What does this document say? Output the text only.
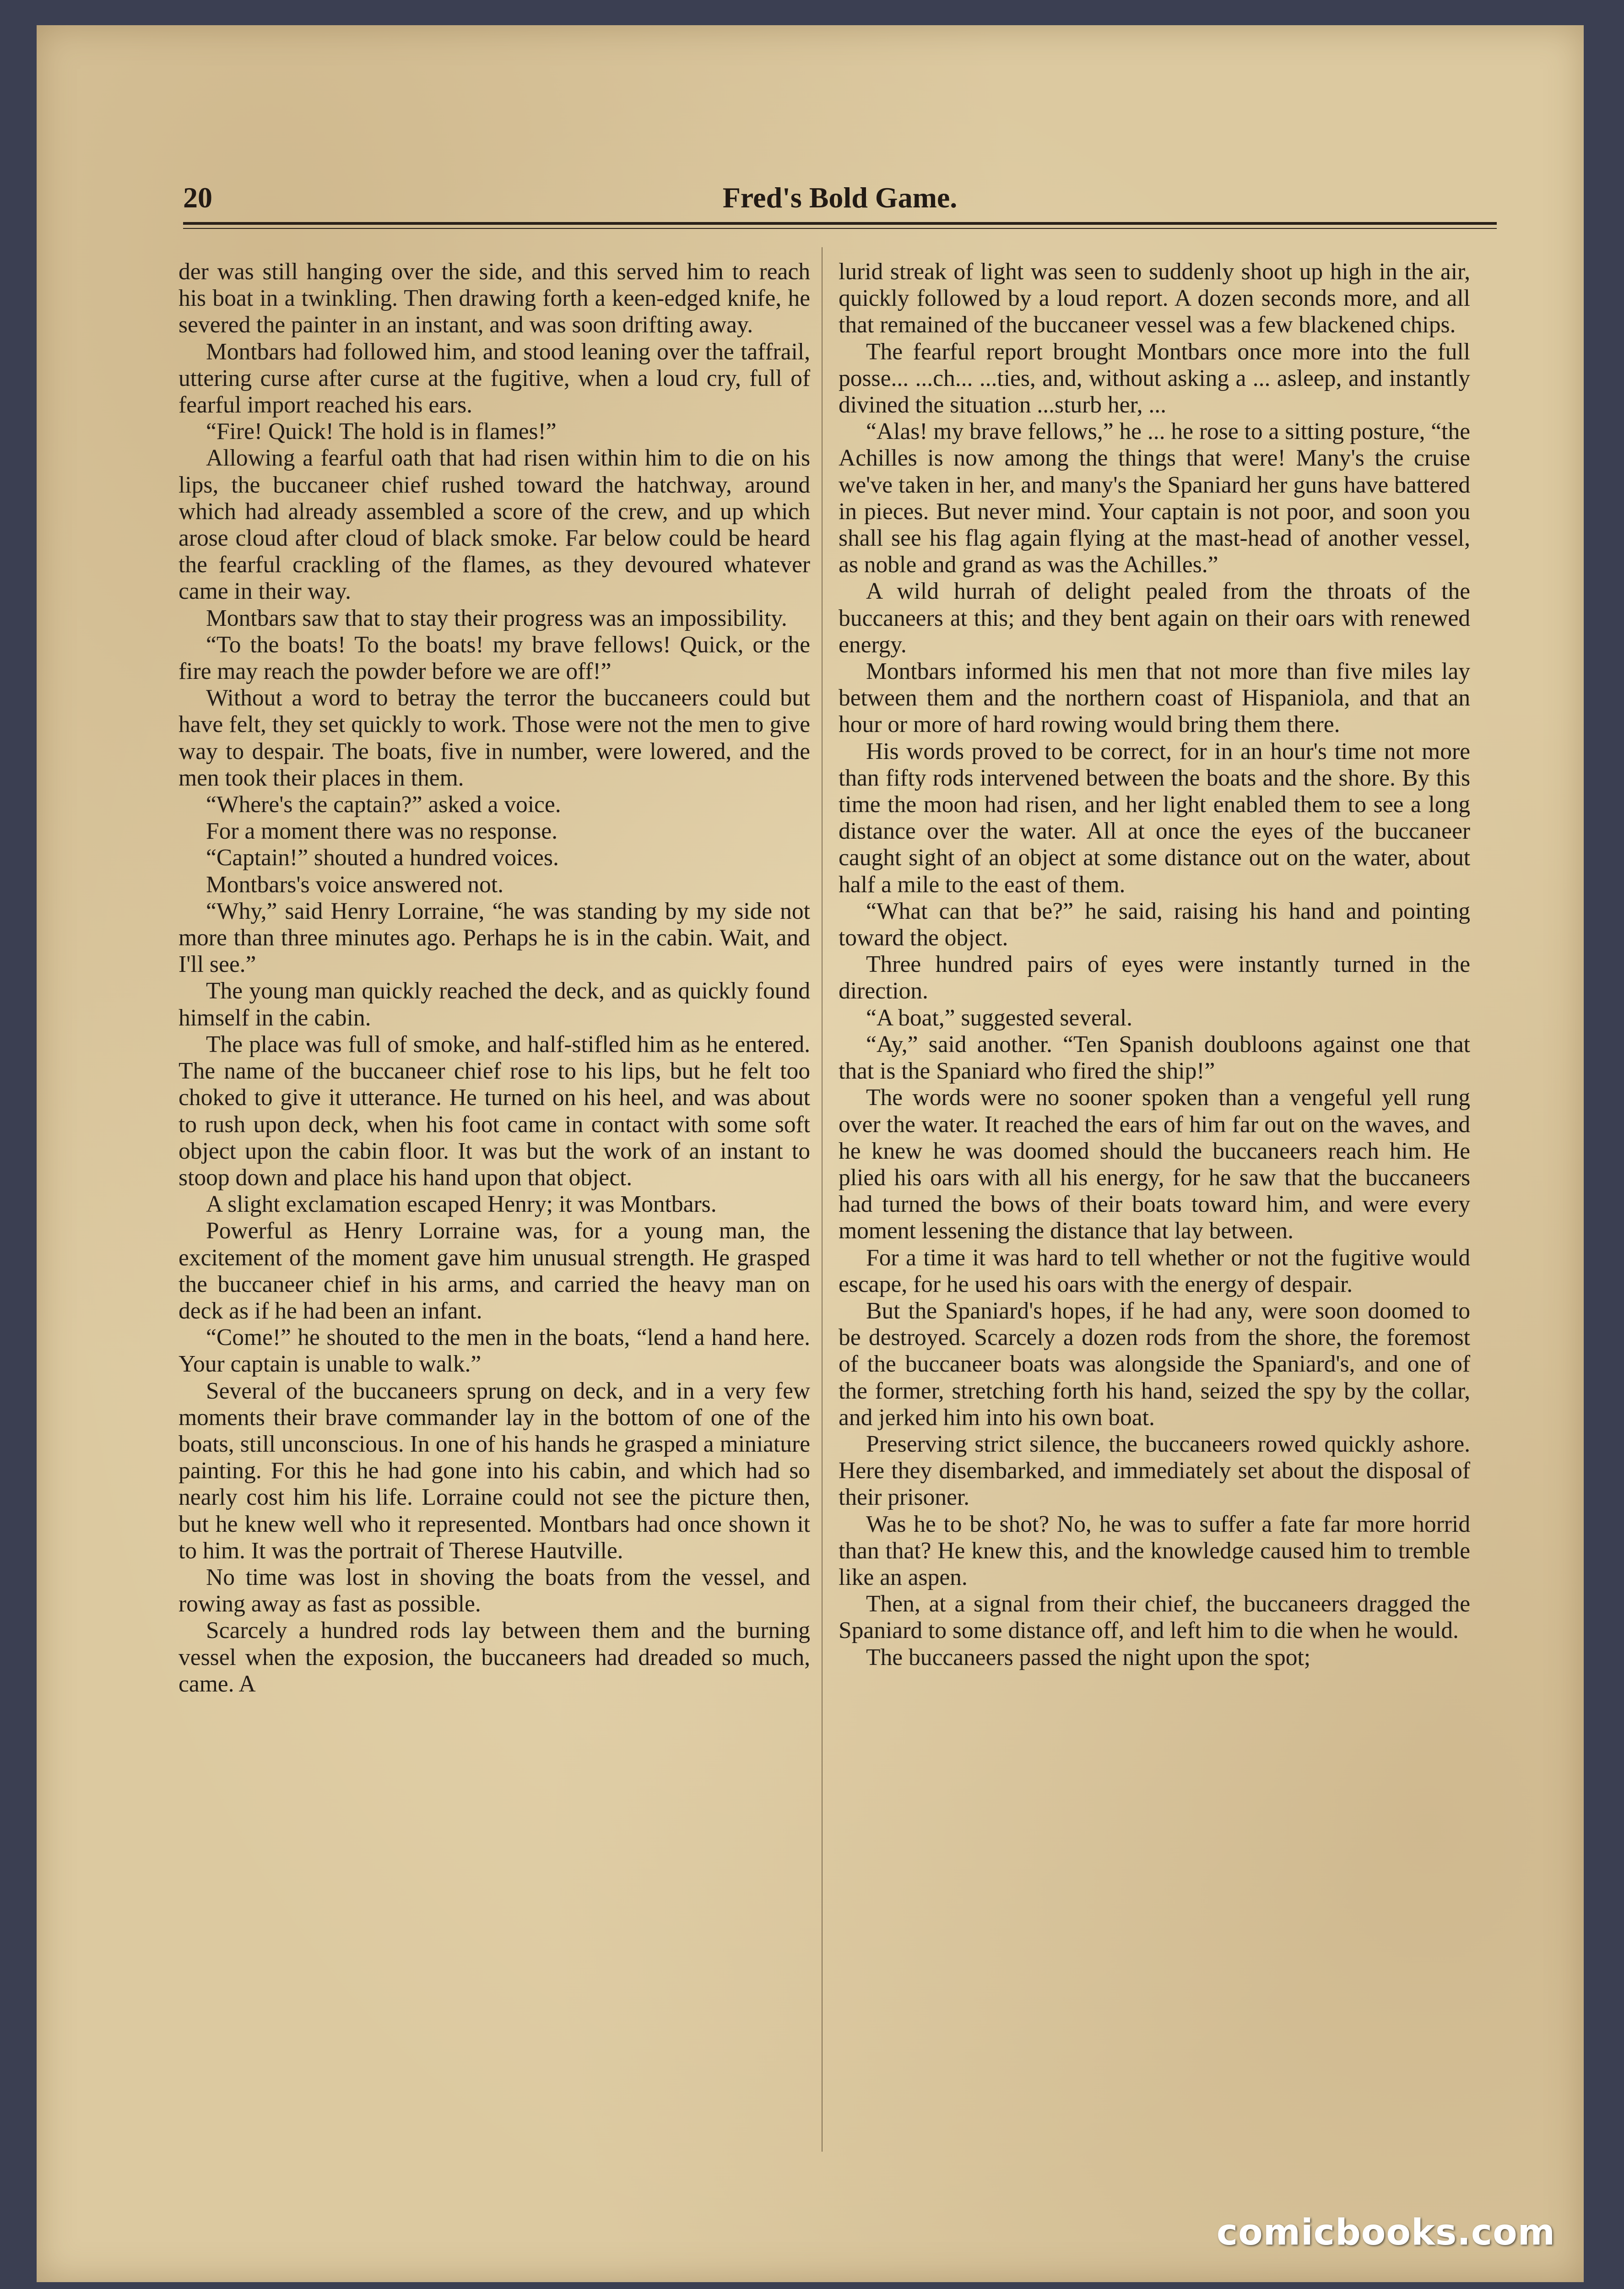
20	Fred's Bold Game.

der was still hanging over the side, and this served him to reach his boat in a twinkling. Then drawing forth a keen-edged knife, he severed the painter in an instant, and was soon drifting away.

Montbars had followed him, and stood leaning over the taffrail, uttering curse after curse at the fugitive, when a loud cry, full of fearful import reached his ears.

“Fire! Quick! The hold is in flames!”

Allowing a fearful oath that had risen within him to die on his lips, the buccaneer chief rushed toward the hatchway, around which had already assembled a score of the crew, and up which arose cloud after cloud of black smoke. Far below could be heard the fearful crackling of the flames, as they devoured whatever came in their way.

Montbars saw that to stay their progress was an impossibility.

“To the boats! To the boats! my brave fellows! Quick, or the fire may reach the powder before we are off!”

Without a word to betray the terror the buccaneers could but have felt, they set quickly to work. Those were not the men to give way to despair. The boats, five in number, were lowered, and the men took their places in them.

“Where's the captain?” asked a voice.

For a moment there was no response.

“Captain!” shouted a hundred voices.

Montbars's voice answered not.

“Why,” said Henry Lorraine, “he was standing by my side not more than three minutes ago. Perhaps he is in the cabin. Wait, and I'll see.”

The young man quickly reached the deck, and as quickly found himself in the cabin.

The place was full of smoke, and half-stifled him as he entered. The name of the buccaneer chief rose to his lips, but he felt too choked to give it utterance. He turned on his heel, and was about to rush upon deck, when his foot came in contact with some soft object upon the cabin floor. It was but the work of an instant to stoop down and place his hand upon that object.

A slight exclamation escaped Henry; it was Montbars.

Powerful as Henry Lorraine was, for a young man, the excitement of the moment gave him unusual strength. He grasped the buccaneer chief in his arms, and carried the heavy man on deck as if he had been an infant.

“Come!” he shouted to the men in the boats, “lend a hand here. Your captain is unable to walk.”

Several of the buccaneers sprung on deck, and in a very few moments their brave commander lay in the bottom of one of the boats, still unconscious. In one of his hands he grasped a miniature painting. For this he had gone into his cabin, and which had so nearly cost him his life. Lorraine could not see the picture then, but he knew well who it represented. Montbars had once shown it to him. It was the portrait of Therese Hautville.

No time was lost in shoving the boats from the vessel, and rowing away as fast as possible.

Scarcely a hundred rods lay between them and the burning vessel when the exposion, the buccaneers had dreaded so much, came. A

lurid streak of light was seen to suddenly shoot up high in the air, quickly followed by a loud report. A dozen seconds more, and all that remained of the buccaneer vessel was a few blackened chips.

The fearful report brought Montbars once more into the full posse... ...ch... ...ties, and, without asking a ... asleep, and instantly divined the situation ...sturb her, ...

“Alas! my brave fellows,” he ... he rose to a sitting posture, “the Achilles is now among the things that were! Many's the cruise we've taken in her, and many's the Spaniard her guns have battered in pieces. But never mind. Your captain is not poor, and soon you shall see his flag again flying at the mast-head of another vessel, as noble and grand as was the Achilles.”

A wild hurrah of delight pealed from the throats of the buccaneers at this; and they bent again on their oars with renewed energy.

Montbars informed his men that not more than five miles lay between them and the northern coast of Hispaniola, and that an hour or more of hard rowing would bring them there.

His words proved to be correct, for in an hour's time not more than fifty rods intervened between the boats and the shore. By this time the moon had risen, and her light enabled them to see a long distance over the water. All at once the eyes of the buccaneer caught sight of an object at some distance out on the water, about half a mile to the east of them.

“What can that be?” he said, raising his hand and pointing toward the object.

Three hundred pairs of eyes were instantly turned in the direction.

“A boat,” suggested several.

“Ay,” said another. “Ten Spanish doubloons against one that that is the Spaniard who fired the ship!”

The words were no sooner spoken than a vengeful yell rung over the water. It reached the ears of him far out on the waves, and he knew he was doomed should the buccaneers reach him. He plied his oars with all his energy, for he saw that the buccaneers had turned the bows of their boats toward him, and were every moment lessening the distance that lay between.

For a time it was hard to tell whether or not the fugitive would escape, for he used his oars with the energy of despair.

But the Spaniard's hopes, if he had any, were soon doomed to be destroyed. Scarcely a dozen rods from the shore, the foremost of the buccaneer boats was alongside the Spaniard's, and one of the former, stretching forth his hand, seized the spy by the collar, and jerked him into his own boat.

Preserving strict silence, the buccaneers rowed quickly ashore. Here they disembarked, and immediately set about the disposal of their prisoner.

Was he to be shot? No, he was to suffer a fate far more horrid than that? He knew this, and the knowledge caused him to tremble like an aspen.

Then, at a signal from their chief, the buccaneers dragged the Spaniard to some distance off, and left him to die when he would.

The buccaneers passed the night upon the spot;

comicbooks.com
